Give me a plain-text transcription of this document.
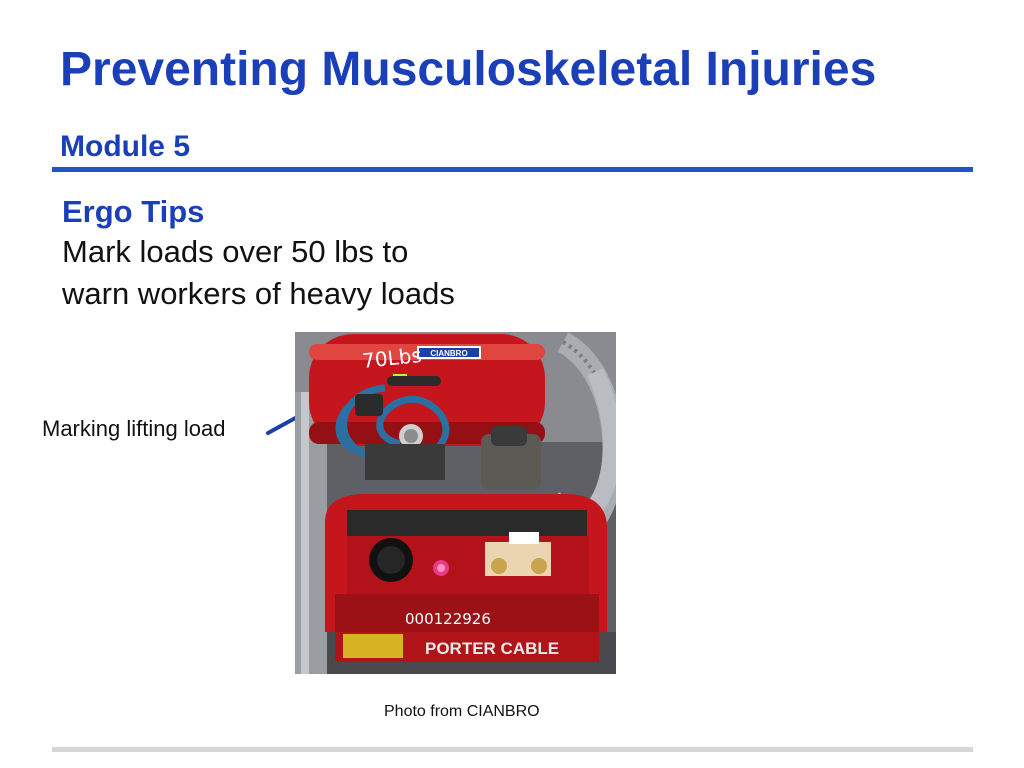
Preventing Musculoskeletal Injuries
Module 5
Ergo Tips
Mark loads over 50 lbs to
warn workers of heavy loads
Marking lifting load
CIANBRO
70Lbs
000122926
PORTER CABLE
Photo from CIANBRO
